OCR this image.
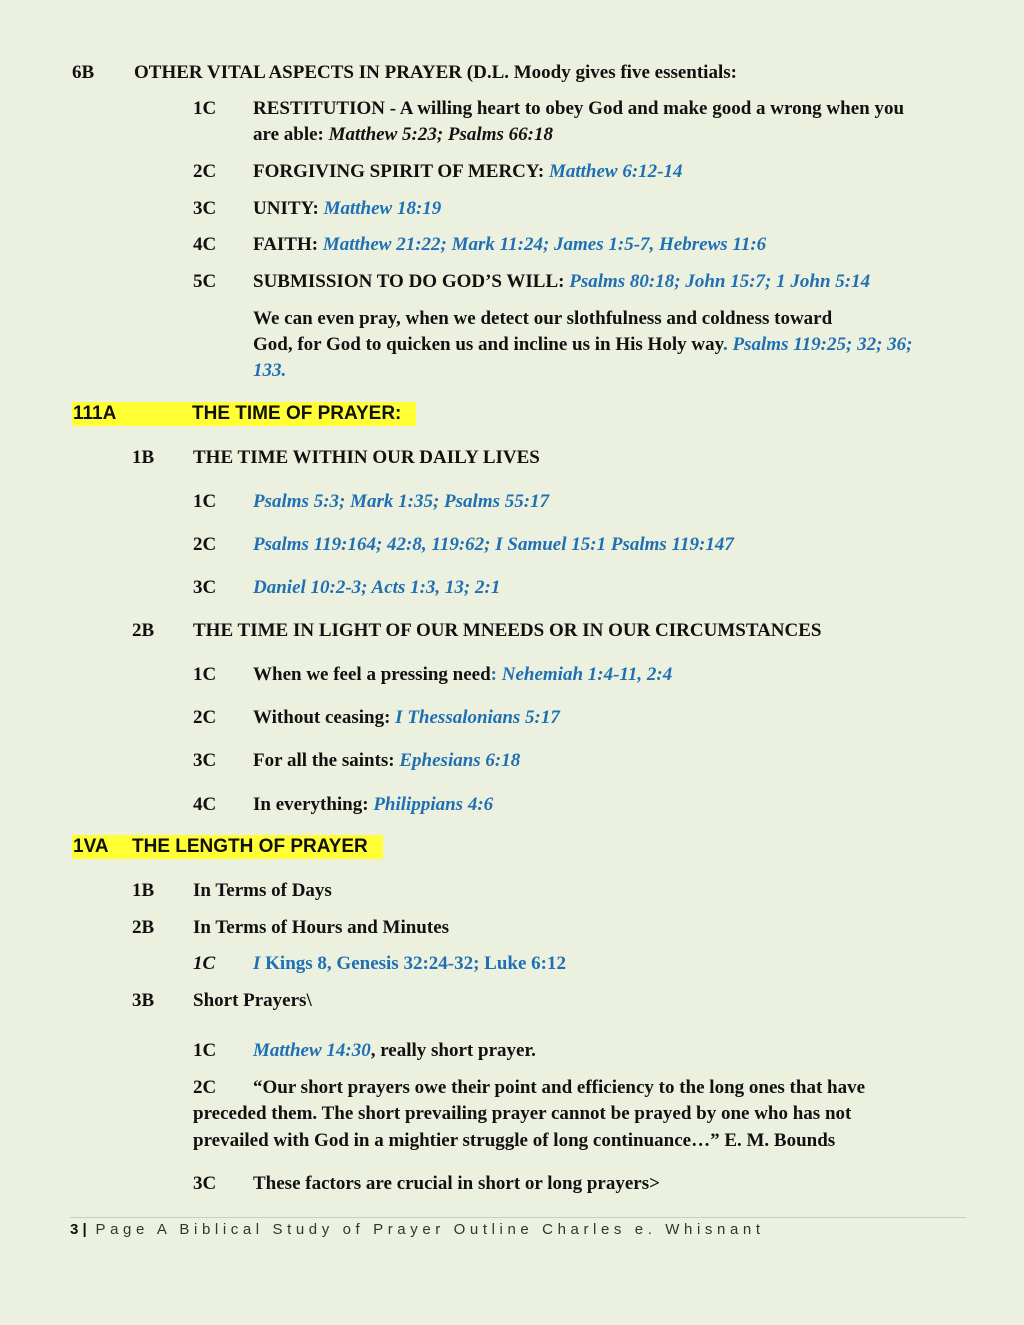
6B OTHER VITAL ASPECTS IN PRAYER (D.L. Moody gives five essentials:
1C RESTITUTION - A willing heart to obey God and make good a wrong when you
are able: Matthew 5:23; Psalms 66:18
2C FORGIVING SPIRIT OF MERCY: Matthew 6:12-14
3C UNITY: Matthew 18:19
4C FAITH: Matthew 21:22; Mark 11:24; James 1:5-7, Hebrews 11:6
5C SUBMISSION TO DO GOD’S WILL: Psalms 80:18; John 15:7; 1 John 5:14
We can even pray, when we detect our slothfulness and coldness toward
God, for God to quicken us and incline us in His Holy way. Psalms 119:25; 32; 36;
133.
111A	THE TIME OF PRAYER:
1B THE TIME WITHIN OUR DAILY LIVES
1C Psalms 5:3; Mark 1:35; Psalms 55:17
2C Psalms 119:164; 42:8, 119:62; I Samuel 15:1 Psalms 119:147
3C Daniel 10:2-3; Acts 1:3, 13; 2:1
2B THE TIME IN LIGHT OF OUR MNEEDS OR IN OUR CIRCUMSTANCES
1C When we feel a pressing need: Nehemiah 1:4-11, 2:4
2C Without ceasing: I Thessalonians 5:17
3C For all the saints: Ephesians 6:18
4C In everything: Philippians 4:6
1VA THE LENGTH OF PRAYER
1B In Terms of Days
2B In Terms of Hours and Minutes
1C I Kings 8, Genesis 32:24-32; Luke 6:12
3B Short Prayers\
1C Matthew 14:30, really short prayer.
2C “Our short prayers owe their point and efficiency to the long ones that have
preceded them. The short prevailing prayer cannot be prayed by one who has not
prevailed with God in a mightier struggle of long continuance…” E. M. Bounds
3C These factors are crucial in short or long prayers>
3 | Page A Biblical Study of Prayer Outline Charles e. Whisnant
